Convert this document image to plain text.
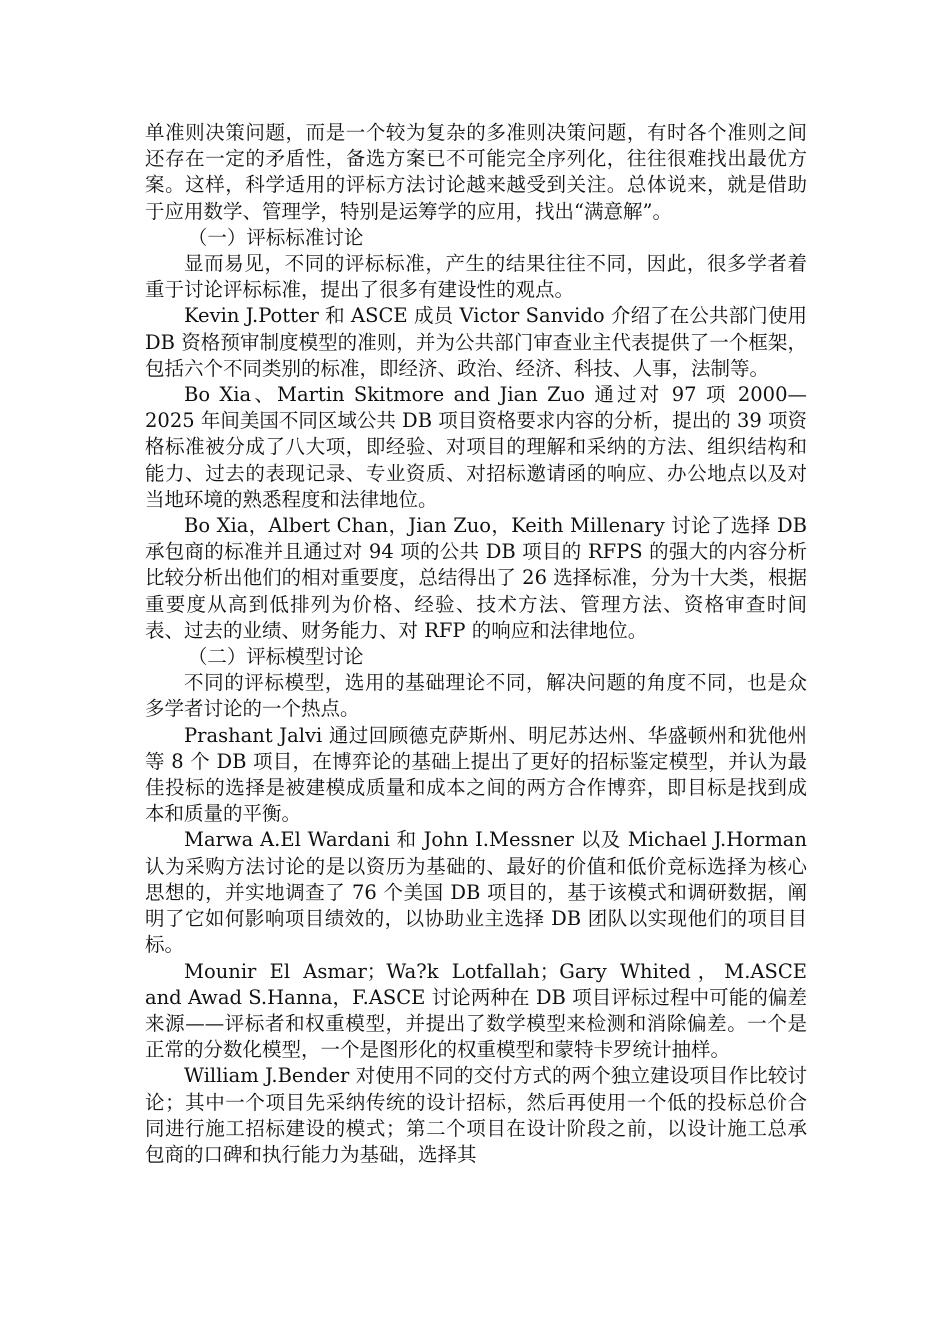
单准则决策问题，而是一个较为复杂的多准则决策问题，有时各个准则之间还存在一定的矛盾性，备选方案已不可能完全序列化，往往很难找出最优方案。这样，科学适用的评标方法讨论越来越受到关注。总体说来，就是借助于应用数学、管理学，特别是运筹学的应用，找出“满意解”。

（一）评标标准讨论

显而易见，不同的评标标准，产生的结果往往不同，因此，很多学者着重于讨论评标标准，提出了很多有建设性的观点。

Kevin J.Potter 和 ASCE 成员 Victor Sanvido 介绍了在公共部门使用 DB 资格预审制度模型的准则，并为公共部门审查业主代表提供了一个框架，包括六个不同类别的标准，即经济、政治、经济、科技、人事，法制等。

Bo Xia、Martin Skitmore and Jian Zuo 通过对 97 项 2000—2025 年间美国不同区域公共 DB 项目资格要求内容的分析，提出的 39 项资格标准被分成了八大项，即经验、对项目的理解和采纳的方法、组织结构和能力、过去的表现记录、专业资质、对招标邀请函的响应、办公地点以及对当地环境的熟悉程度和法律地位。

Bo Xia，Albert Chan，Jian Zuo，Keith Millenary 讨论了选择 DB 承包商的标准并且通过对 94 项的公共 DB 项目的 RFPS 的强大的内容分析比较分析出他们的相对重要度，总结得出了 26 选择标准，分为十大类，根据重要度从高到低排列为价格、经验、技术方法、管理方法、资格审查时间表、过去的业绩、财务能力、对 RFP 的响应和法律地位。

（二）评标模型讨论

不同的评标模型，选用的基础理论不同，解决问题的角度不同，也是众多学者讨论的一个热点。

Prashant Jalvi 通过回顾德克萨斯州、明尼苏达州、华盛顿州和犹他州等 8 个 DB 项目，在博弈论的基础上提出了更好的招标鉴定模型，并认为最佳投标的选择是被建模成质量和成本之间的两方合作博弈，即目标是找到成本和质量的平衡。

Marwa A.El Wardani 和 John I.Messner 以及 Michael J.Horman 认为采购方法讨论的是以资历为基础的、最好的价值和低价竞标选择为核心思想的，并实地调查了 76 个美国 DB 项目的，基于该模式和调研数据，阐明了它如何影响项目绩效的，以协助业主选择 DB 团队以实现他们的项目目标。

Mounir El Asmar；Wa?k Lotfallah；Gary Whited，M.ASCE and Awad S.Hanna，F.ASCE 讨论两种在 DB 项目评标过程中可能的偏差来源——评标者和权重模型，并提出了数学模型来检测和消除偏差。一个是正常的分数化模型，一个是图形化的权重模型和蒙特卡罗统计抽样。

William J.Bender 对使用不同的交付方式的两个独立建设项目作比较讨论；其中一个项目先采纳传统的设计招标，然后再使用一个低的投标总价合同进行施工招标建设的模式；第二个项目在设计阶段之前，以设计施工总承包商的口碑和执行能力为基础，选择其
